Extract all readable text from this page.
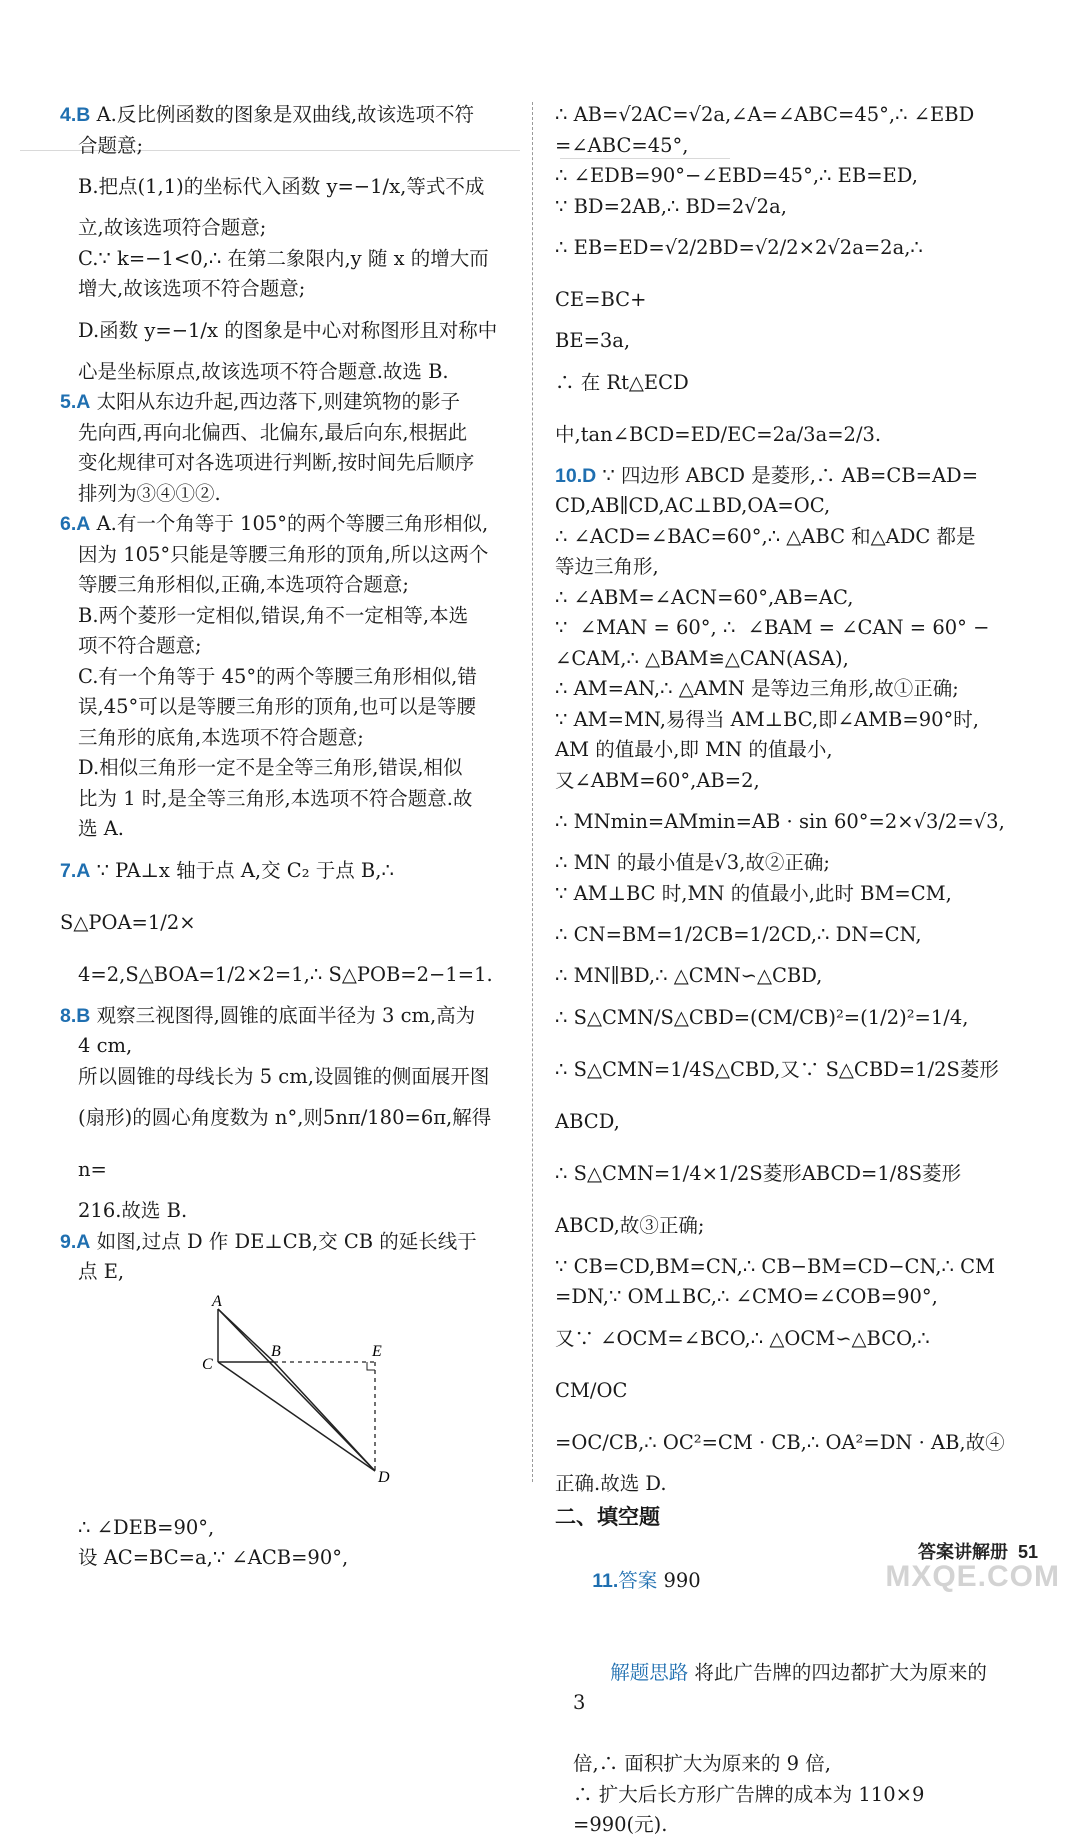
4.B A.反比例函数的图象是双曲线,故该选项不符
合题意;
B.把点(1,1)的坐标代入函数 y=−1/x,等式不成
立,故该选项符合题意;
C.∵ k=−1<0,∴ 在第二象限内,y 随 x 的增大而
增大,故该选项不符合题意;
D.函数 y=−1/x 的图象是中心对称图形且对称中
心是坐标原点,故该选项不符合题意.故选 B.
5.A 太阳从东边升起,西边落下,则建筑物的影子
先向西,再向北偏西、北偏东,最后向东,根据此
变化规律可对各选项进行判断,按时间先后顺序
排列为③④①②.
6.A A.有一个角等于 105°的两个等腰三角形相似,
因为 105°只能是等腰三角形的顶角,所以这两个
等腰三角形相似,正确,本选项符合题意;
B.两个菱形一定相似,错误,角不一定相等,本选
项不符合题意;
C.有一个角等于 45°的两个等腰三角形相似,错
误,45°可以是等腰三角形的顶角,也可以是等腰
三角形的底角,本选项不符合题意;
D.相似三角形一定不是全等三角形,错误,相似
比为 1 时,是全等三角形,本选项不符合题意.故
选 A.
7.A ∵ PA⊥x 轴于点 A,交 C₂ 于点 B,∴ S△POA=1/2×
4=2,S△BOA=1/2×2=1,∴ S△POB=2−1=1.
8.B 观察三视图得,圆锥的底面半径为 3 cm,高为
4 cm,
所以圆锥的母线长为 5 cm,设圆锥的侧面展开图
(扇形)的圆心角度数为 n°,则5nπ/180=6π,解得 n=
216.故选 B.
9.A 如图,过点 D 作 DE⊥CB,交 CB 的延长线于
点 E,
A
C
B	E
D
∴ ∠DEB=90°,
设 AC=BC=a,∵ ∠ACB=90°,
∴ AB=√2AC=√2a,∠A=∠ABC=45°,∴ ∠EBD
=∠ABC=45°,
∴ ∠EDB=90°−∠EBD=45°,∴ EB=ED,
∵ BD=2AB,∴ BD=2√2a,
∴ EB=ED=√2/2BD=√2/2×2√2a=2a,∴ CE=BC+
BE=3a,
∴ 在 Rt△ECD 中,tan∠BCD=ED/EC=2a/3a=2/3.
10.D ∵ 四边形 ABCD 是菱形,∴ AB=CB=AD=
CD,AB∥CD,AC⊥BD,OA=OC,
∴ ∠ACD=∠BAC=60°,∴ △ABC 和△ADC 都是
等边三角形,
∴ ∠ABM=∠ACN=60°,AB=AC,
∵  ∠MAN = 60°, ∴  ∠BAM = ∠CAN = 60° −
∠CAM,∴ △BAM≌△CAN(ASA),
∴ AM=AN,∴ △AMN 是等边三角形,故①正确;
∵ AM=MN,易得当 AM⊥BC,即∠AMB=90°时,
AM 的值最小,即 MN 的值最小,
又∠ABM=60°,AB=2,
∴ MNmin=AMmin=AB · sin 60°=2×√3/2=√3,
∴ MN 的最小值是√3,故②正确;
∵ AM⊥BC 时,MN 的值最小,此时 BM=CM,
∴ CN=BM=1/2CB=1/2CD,∴ DN=CN,
∴ MN∥BD,∴ △CMN∽△CBD,
∴ S△CMN/S△CBD=(CM/CB)²=(1/2)²=1/4,
∴ S△CMN=1/4S△CBD,又∵ S△CBD=1/2S菱形ABCD,
∴ S△CMN=1/4×1/2S菱形ABCD=1/8S菱形ABCD,故③正确;
∵ CB=CD,BM=CN,∴ CB−BM=CD−CN,∴ CM
=DN,∵ OM⊥BC,∴ ∠CMO=∠COB=90°,
又∵ ∠OCM=∠BCO,∴ △OCM∽△BCO,∴ CM/OC
=OC/CB,∴ OC²=CM · CB,∴ OA²=DN · AB,故④
正确.故选 D.
二、填空题

11.答案 990

解题思路 将此广告牌的四边都扩大为原来的 3

倍,∴ 面积扩大为原来的 9 倍,
∴ 扩大后长方形广告牌的成本为 110×9
=990(元).
答案讲解册 51
MXQE.COM
